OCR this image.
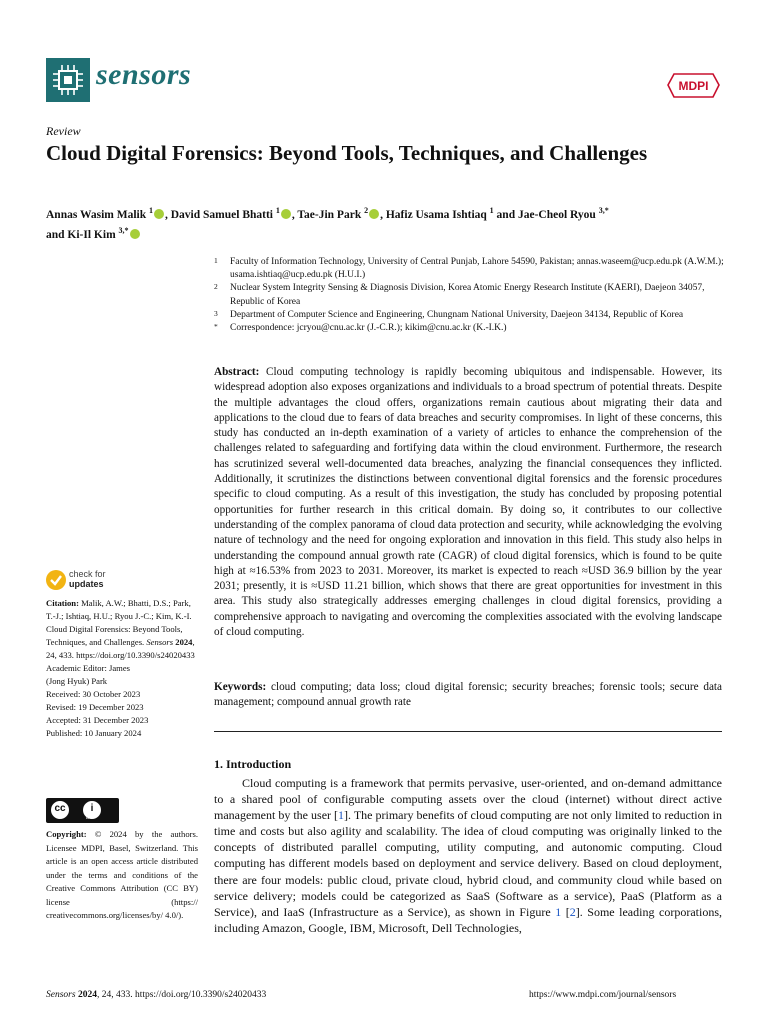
sensors	MDPI
Review
Cloud Digital Forensics: Beyond Tools, Techniques, and Challenges
Annas Wasim Malik $^1$ , David Samuel Bhatti $^1$ , Tae-Jin Park $^2$ , Hafiz Usama Ishtiaq $^1$ and Jae-Cheol Ryou $^{3,*}$
and Ki-Il Kim $^{3,*}$
1 Faculty of Information Technology, University of Central Punjab, Lahore 54590, Pakistan; annas.waseem@ucp.edu.pk (A.W.M.); usama.ishtiaq@ucp.edu.pk (H.U.I.)
2 Nuclear System Integrity Sensing & Diagnosis Division, Korea Atomic Energy Research Institute (KAERI), Daejeon 34057, Republic of Korea
3 Department of Computer Science and Engineering, Chungnam National University, Daejeon 34134, Republic of Korea
* Correspondence: jcryou@cnu.ac.kr (J.-C.R.); kikim@cnu.ac.kr (K.-I.K.)
Abstract: Cloud computing technology is rapidly becoming ubiquitous and indispensable. However, its widespread adoption also exposes organizations and individuals to a broad spectrum of potential threats. Despite the multiple advantages the cloud offers, organizations remain cautious about migrating their data and applications to the cloud due to fears of data breaches and security compromises. In light of these concerns, this study has conducted an in-depth examination of a variety of articles to enhance the comprehension of the challenges related to safeguarding and fortifying data within the cloud environment. Furthermore, the research has scrutinized several well-documented data breaches, analyzing the financial consequences they inflicted. Additionally, it scrutinizes the distinctions between conventional digital forensics and the forensic procedures specific to cloud computing. As a result of this investigation, the study has concluded by proposing potential opportunities for further research in this critical domain. By doing so, it contributes to our collective understanding of the complex panorama of cloud data protection and security, while acknowledging the evolving nature of technology and the need for ongoing exploration and innovation in this field. This study also helps in understanding the compound annual growth rate (CAGR) of cloud digital forensics, which is found to be quite high at ≈16.53% from 2023 to 2031. Moreover, its market is expected to reach ≈USD 36.9 billion by the year 2031; presently, it is ≈USD 11.21 billion, which shows that there are great opportunities for investment in this area. This study also strategically addresses emerging challenges in cloud digital forensics, providing a comprehensive approach to navigating and overcoming the complexities associated with the evolving landscape of cloud computing.
Keywords: cloud computing; data loss; cloud digital forensic; security breaches; forensic tools; secure data management; compound annual growth rate
1. Introduction
Cloud computing is a framework that permits pervasive, user-oriented, and on-demand admittance to a shared pool of configurable computing assets over the cloud (internet) without direct active management by the user [1]. The primary benefits of cloud computing are not only limited to reduction in time and costs but also agility and scalability. The idea of cloud computing was originally linked to the concepts of distributed parallel computing, utility computing, and autonomic computing. Cloud computing has different models based on deployment and service delivery. Based on cloud deployment, there are four models: public cloud, private cloud, hybrid cloud, and community cloud while based on service delivery; models could be categorized as SaaS (Software as a service), PaaS (Platform as a Service), and IaaS (Infrastructure as a Service), as shown in Figure 1 [2]. Some leading corporations, including Amazon, Google, IBM, Microsoft, Dell Technologies,
check for
updates

Citation: Malik, A.W.; Bhatti, D.S.; Park, T.-J.; Ishtiaq, H.U.; Ryou J.-C.; Kim, K.-I. Cloud Digital Forensics: Beyond Tools, Techniques, and Challenges. Sensors 2024, 24, 433. https://doi.org/10.3390/s24020433

Academic Editor: James
(Jong Hyuk) Park

Received: 30 October 2023
Revised: 19 December 2023
Accepted: 31 December 2023
Published: 10 January 2024

cc	i
BY
Copyright: © 2024 by the authors. Licensee MDPI, Basel, Switzerland. This article is an open access article distributed under the terms and conditions of the Creative Commons Attribution (CC BY) license (https:// creativecommons.org/licenses/by/ 4.0/).
Sensors 2024, 24, 433. https://doi.org/10.3390/s24020433	https://www.mdpi.com/journal/sensors
